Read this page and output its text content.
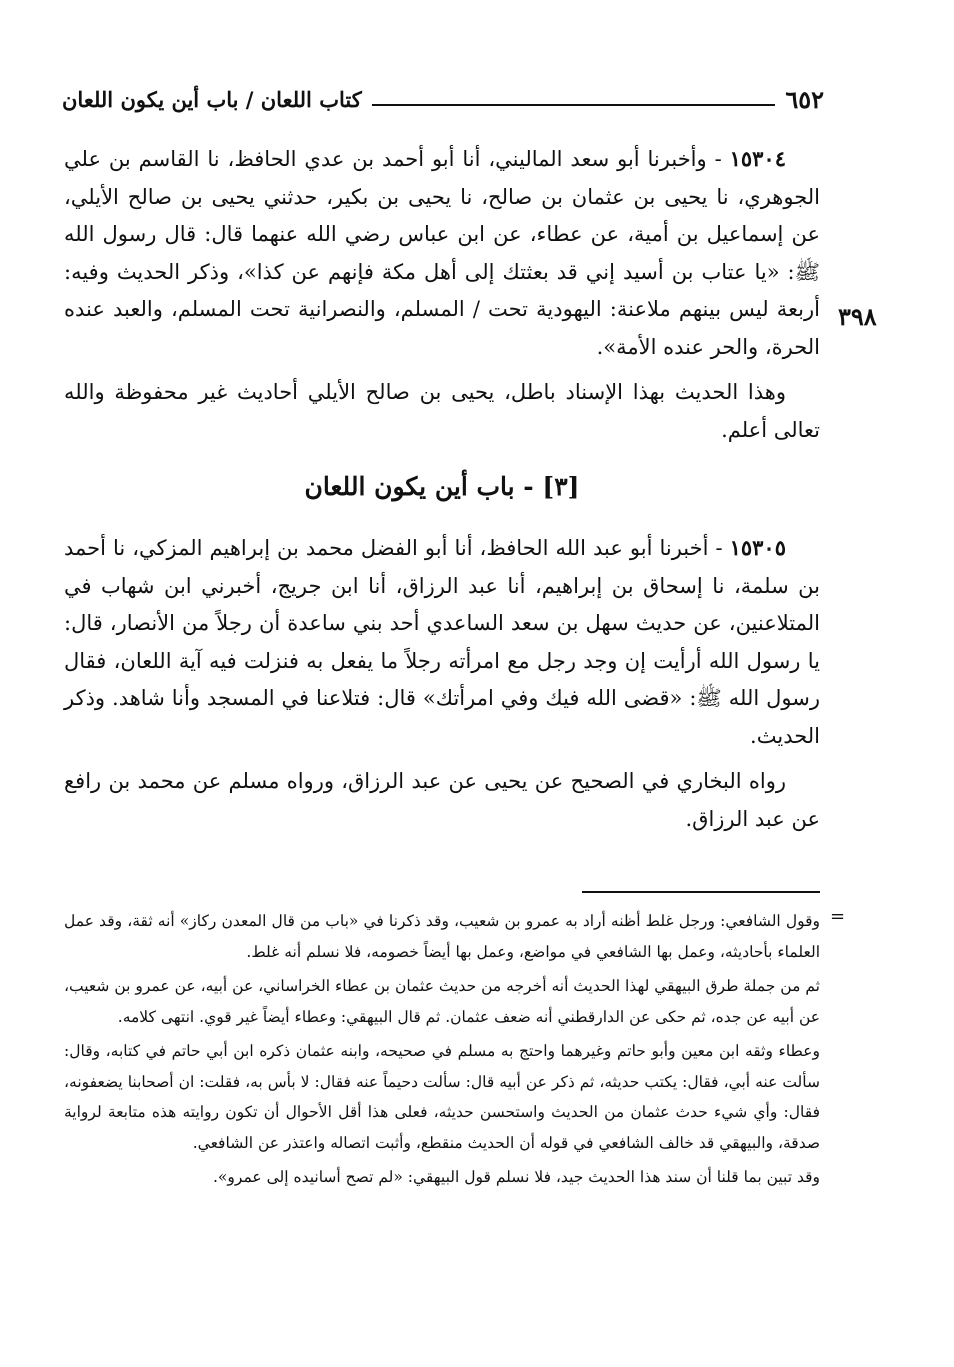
٦٥٢
كتاب اللعان / باب أين يكون اللعان
٣٩٨

١٥٣٠٤ - وأخبرنا أبو سعد الماليني، أنا أبو أحمد بن عدي الحافظ، نا القاسم بن علي الجوهري، نا يحيى بن عثمان بن صالح، نا يحيى بن بكير، حدثني يحيى بن صالح الأيلي، عن إسماعيل بن أمية، عن عطاء، عن ابن عباس رضي الله عنهما قال: قال رسول الله ﷺ: «يا عتاب بن أسيد إني قد بعثتك إلى أهل مكة فإنهم عن كذا»، وذكر الحديث وفيه: أربعة ليس بينهم ملاعنة: اليهودية تحت / المسلم، والنصرانية تحت المسلم، والعبد عنده الحرة، والحر عنده الأمة».

وهذا الحديث بهذا الإسناد باطل، يحيى بن صالح الأيلي أحاديث غير محفوظة والله تعالى أعلم.

[٣] - باب أين يكون اللعان

١٥٣٠٥ - أخبرنا أبو عبد الله الحافظ، أنا أبو الفضل محمد بن إبراهيم المزكي، نا أحمد بن سلمة، نا إسحاق بن إبراهيم، أنا عبد الرزاق، أنا ابن جريج، أخبرني ابن شهاب في المتلاعنين، عن حديث سهل بن سعد الساعدي أحد بني ساعدة أن رجلاً من الأنصار، قال: يا رسول الله أرأيت إن وجد رجل مع امرأته رجلاً ما يفعل به فنزلت فيه آية اللعان، فقال رسول الله ﷺ: «قضى الله فيك وفي امرأتك» قال: فتلاعنا في المسجد وأنا شاهد. وذكر الحديث.

رواه البخاري في الصحيح عن يحيى عن عبد الرزاق، ورواه مسلم عن محمد بن رافع عن عبد الرزاق.

=

وقول الشافعي: ورجل غلط أظنه أراد به عمرو بن شعيب، وقد ذكرنا في «باب من قال المعدن ركاز» أنه ثقة، وقد عمل العلماء بأحاديثه، وعمل بها الشافعي في مواضع، وعمل بها أيضاً خصومه، فلا نسلم أنه غلط.

ثم من جملة طرق البيهقي لهذا الحديث أنه أخرجه من حديث عثمان بن عطاء الخراساني، عن أبيه، عن عمرو بن شعيب، عن أبيه عن جده، ثم حكى عن الدارقطني أنه ضعف عثمان. ثم قال البيهقي: وعطاء أيضاً غير قوي. انتهى كلامه.

وعطاء وثقه ابن معين وأبو حاتم وغيرهما واحتج به مسلم في صحيحه، وابنه عثمان ذكره ابن أبي حاتم في كتابه، وقال: سألت عنه أبي، فقال: يكتب حديثه، ثم ذكر عن أبيه قال: سألت دحيماً عنه فقال: لا بأس به، فقلت: ان أصحابنا يضعفونه، فقال: وأي شيء حدث عثمان من الحديث واستحسن حديثه، فعلى هذا أقل الأحوال أن تكون روايته هذه متابعة لرواية صدقة، والبيهقي قد خالف الشافعي في قوله أن الحديث منقطع، وأثبت اتصاله واعتذر عن الشافعي.

وقد تبين بما قلنا أن سند هذا الحديث جيد، فلا نسلم قول البيهقي: «لم تصح أسانيده إلى عمرو».
